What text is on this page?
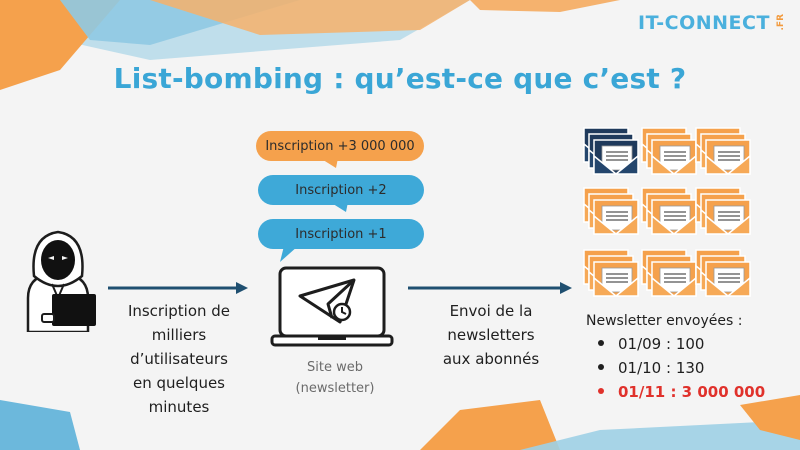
IT-CONNECT .FR
List-bombing : qu’est-ce que c’est ?
Inscription de
milliers
d’utilisateurs
en quelques
minutes
Inscription +3 000 000
Inscription +2
Inscription +1
Site web
(newsletter)
Envoi de la
newsletters
aux abonnés
Newsletter envoyées :
01/09 : 100
01/10 : 130
01/11 : 3 000 000
